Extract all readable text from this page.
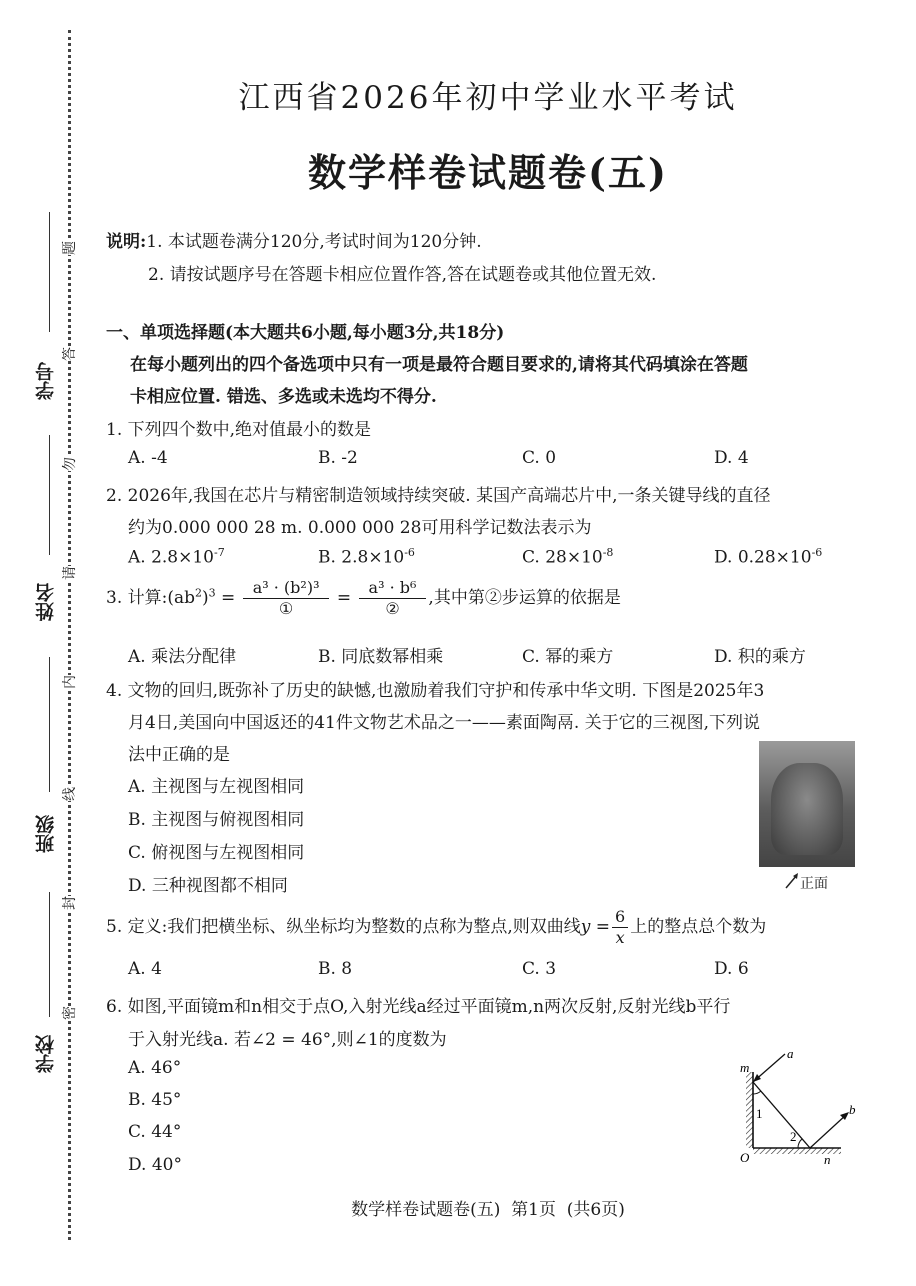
学号
姓名
班级
学校
题
答
勿
请
内
线
封
密
江西省2026年初中学业水平考试
数学样卷试题卷(五)
说明:1. 本试题卷满分120分,考试时间为120分钟.
2. 请按试题序号在答题卡相应位置作答,答在试题卷或其他位置无效.
一、单项选择题(本大题共6小题,每小题3分,共18分)
在每小题列出的四个备选项中只有一项是最符合题目要求的,请将其代码填涂在答题
卡相应位置. 错选、多选或未选均不得分.
1. 下列四个数中,绝对值最小的数是
A. -4	B. -2	C. 0	D. 4
2. 2026年,我国在芯片与精密制造领域持续突破. 某国产高端芯片中,一条关键导线的直径
约为0.000 000 28 m. 0.000 000 28可用科学记数法表示为
A. $2.8\times 10^{-7}$	B. $2.8\times 10^{-6}$	C. $28\times 10^{-8}$	D. $0.28\times 10^{-6}$
3. 计算$:(ab^2)^3 = \frac{\text{a³ · (b²)³}}{\text{①}} = \frac{\text{a³ · b⁶}}{\text{②}}$ ,其中第②步运算的依据是
A. 乘法分配律	B. 同底数幂相乘	C. 幂的乘方	D. 积的乘方
4. 文物的回归,既弥补了历史的缺憾,也激励着我们守护和传承中华文明. 下图是2025年3
月4日,美国向中国返还的41件文物艺术品之一——素面陶鬲. 关于它的三视图,下列说
法中正确的是
A. 主视图与左视图相同
B. 主视图与俯视图相同
C. 俯视图与左视图相同
D. 三种视图都不相同	正面
5. 定义:我们把横坐标、纵坐标均为整数的点称为整点,则双曲线$y = \frac{6}{x}$ 上的整点总个数为
A. 4	B. 8	C. 3	D. 6
6. 如图,平面镜m和n相交于点O,入射光线a经过平面镜m,n两次反射,反射光线b平行
于入射光线a. 若∠2 = 46°,则∠1的度数为
A. 46°
B. 45°
C. 44°
D. 40°
m
a
b
1
2
O	n
数学样卷试题卷(五)  第1页  (共6页)
